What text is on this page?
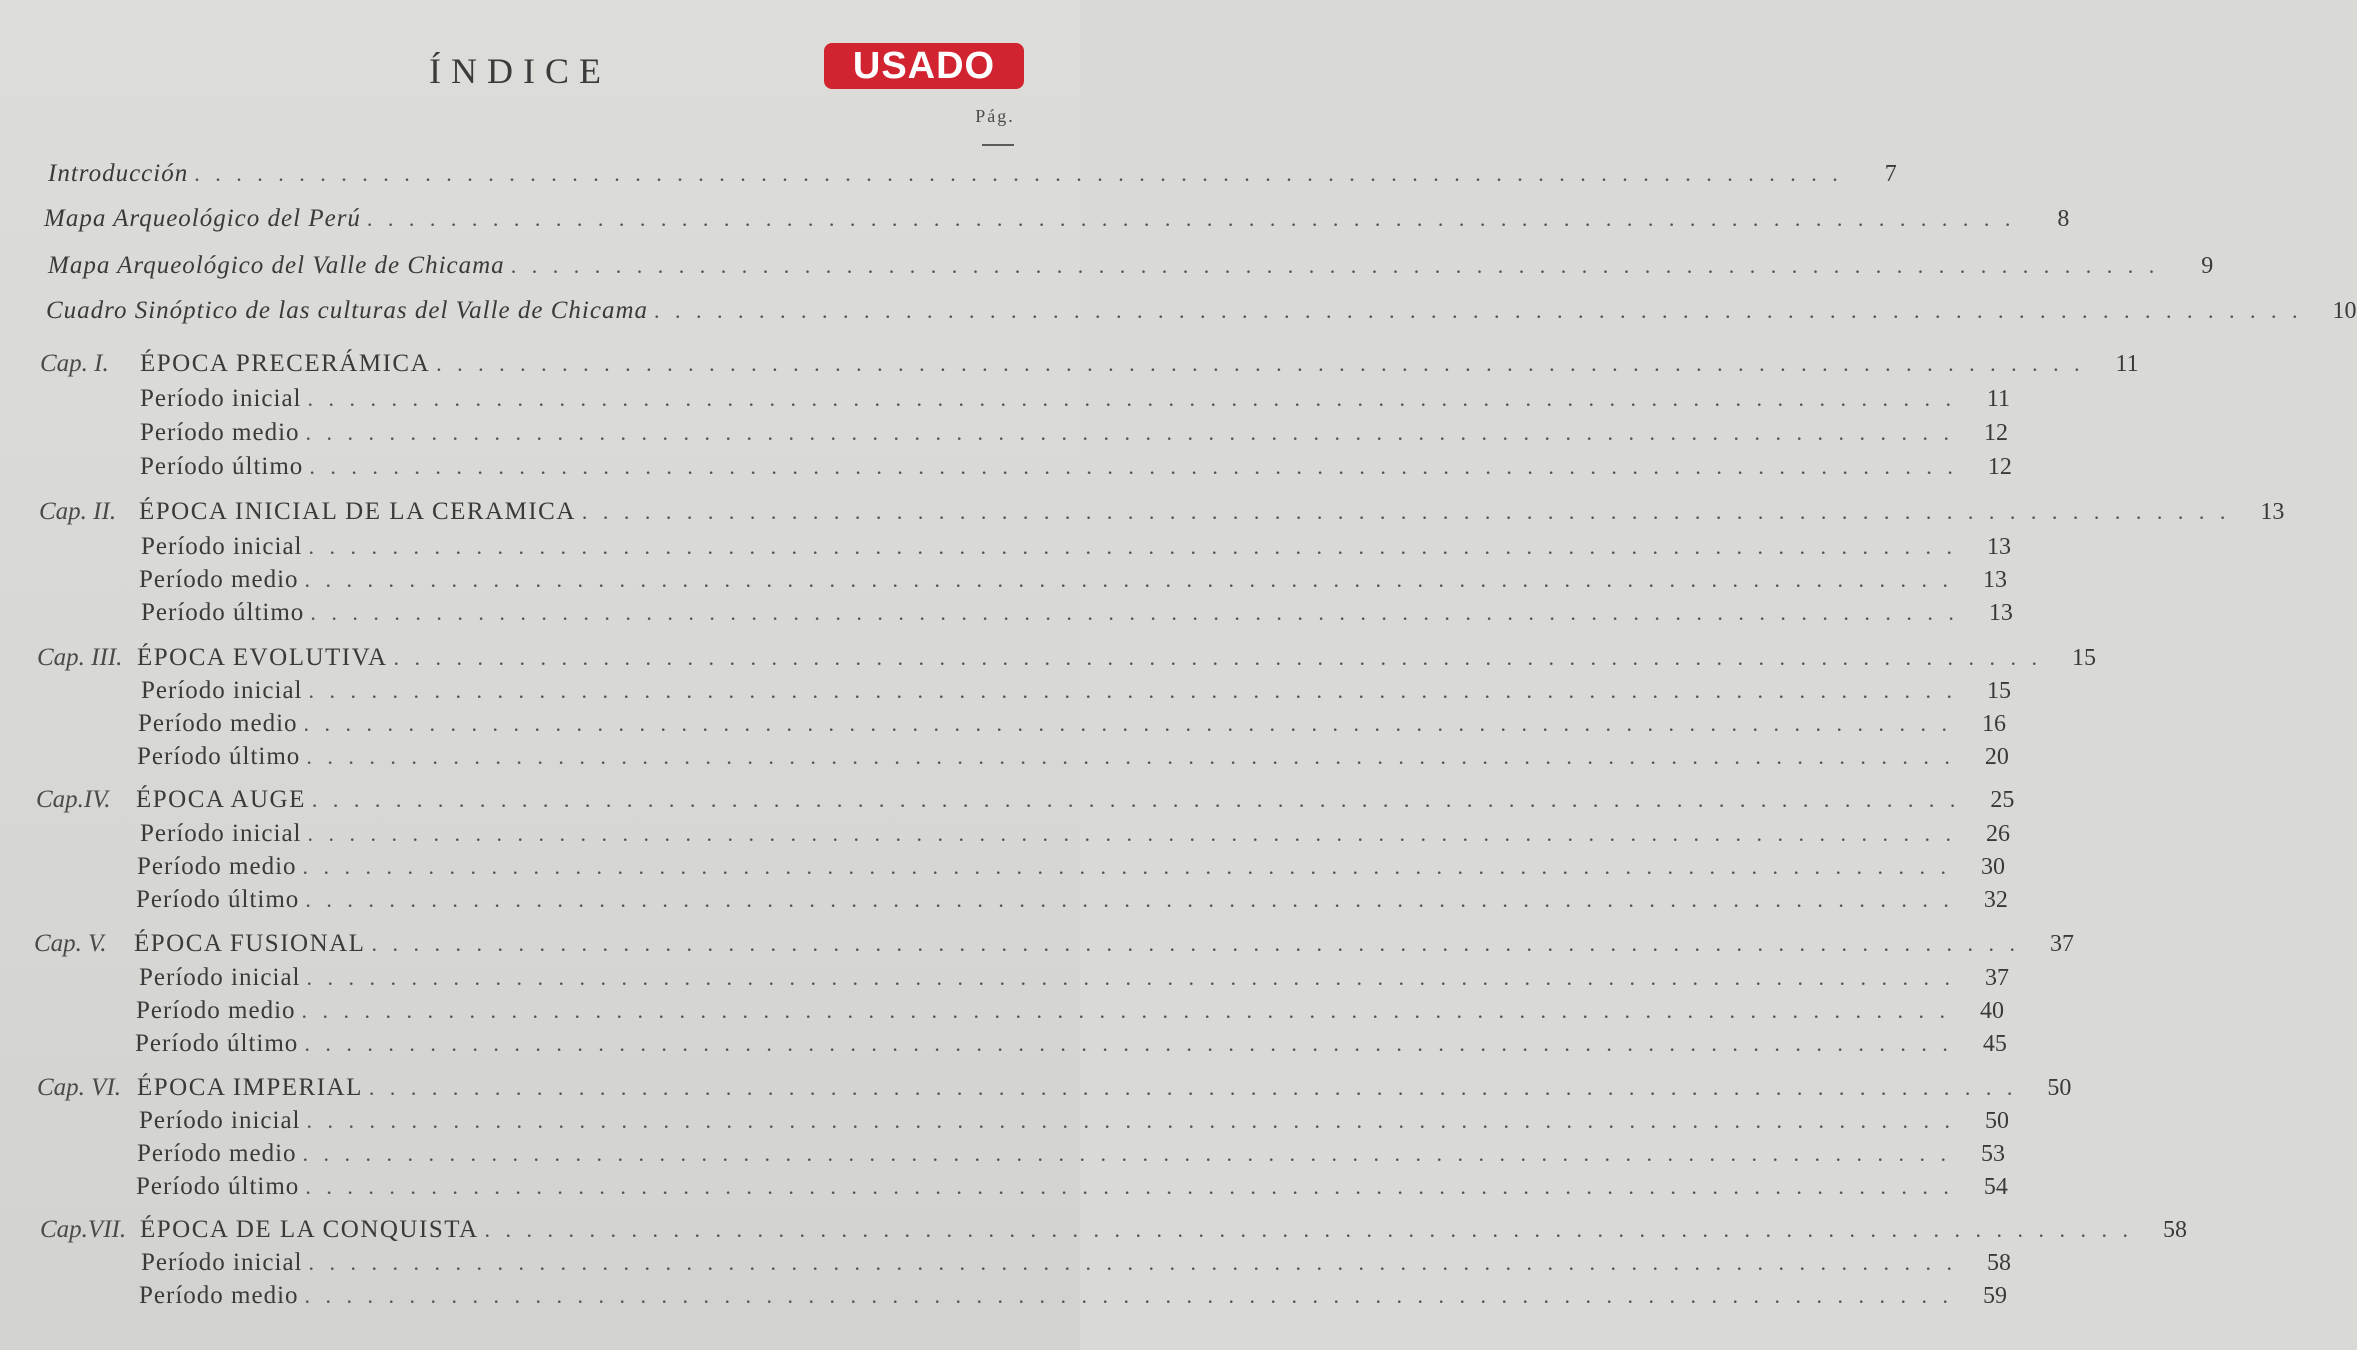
ÍNDICE	USADO
Pág.
Introducción . . . . . . . . . . . . . . . . . . . . . . . . . . . . . . . . . . . . . . . . . . . . . . . . . . . . . . . . . . . . . . . . . . . . . . . . . . . . . . .	7
Mapa Arqueológico del Perú . . . . . . . . . . . . . . . . . . . . . . . . . . . . . . . . . . . . . . . . . . . . . . . . . . . . . . . . . . . . . . . . . . . . . . . . . . . . . . .	8
Mapa Arqueológico del Valle de Chicama . . . . . . . . . . . . . . . . . . . . . . . . . . . . . . . . . . . . . . . . . . . . . . . . . . . . . . . . . . . . . . . . . . . . . . . . . . . . . . .	9
Cuadro Sinóptico de las culturas del Valle de Chicama . . . . . . . . . . . . . . . . . . . . . . . . . . . . . . . . . . . . . . . . . . . . . . . . . . . . . . . . . . . . . . . . . . . . . . . . . . . . . . .	10
Cap. I.	ÉPOCA PRECERÁMICA . . . . . . . . . . . . . . . . . . . . . . . . . . . . . . . . . . . . . . . . . . . . . . . . . . . . . . . . . . . . . . . . . . . . . . . . . . . . . . .	11
Período inicial . . . . . . . . . . . . . . . . . . . . . . . . . . . . . . . . . . . . . . . . . . . . . . . . . . . . . . . . . . . . . . . . . . . . . . . . . . . . . . .	11
Período medio . . . . . . . . . . . . . . . . . . . . . . . . . . . . . . . . . . . . . . . . . . . . . . . . . . . . . . . . . . . . . . . . . . . . . . . . . . . . . . .	12
Período último . . . . . . . . . . . . . . . . . . . . . . . . . . . . . . . . . . . . . . . . . . . . . . . . . . . . . . . . . . . . . . . . . . . . . . . . . . . . . . .	12
Cap. II. ÉPOCA INICIAL DE LA CERAMICA . . . . . . . . . . . . . . . . . . . . . . . . . . . . . . . . . . . . . . . . . . . . . . . . . . . . . . . . . . . . . . . . . . . . . . . . . . . . . . .	13
Período inicial . . . . . . . . . . . . . . . . . . . . . . . . . . . . . . . . . . . . . . . . . . . . . . . . . . . . . . . . . . . . . . . . . . . . . . . . . . . . . . .	13
Período medio . . . . . . . . . . . . . . . . . . . . . . . . . . . . . . . . . . . . . . . . . . . . . . . . . . . . . . . . . . . . . . . . . . . . . . . . . . . . . . .	13
Período último . . . . . . . . . . . . . . . . . . . . . . . . . . . . . . . . . . . . . . . . . . . . . . . . . . . . . . . . . . . . . . . . . . . . . . . . . . . . . . .	13
Cap. III. ÉPOCA EVOLUTIVA . . . . . . . . . . . . . . . . . . . . . . . . . . . . . . . . . . . . . . . . . . . . . . . . . . . . . . . . . . . . . . . . . . . . . . . . . . . . . . .	15
Período inicial . . . . . . . . . . . . . . . . . . . . . . . . . . . . . . . . . . . . . . . . . . . . . . . . . . . . . . . . . . . . . . . . . . . . . . . . . . . . . . .	15
Período medio . . . . . . . . . . . . . . . . . . . . . . . . . . . . . . . . . . . . . . . . . . . . . . . . . . . . . . . . . . . . . . . . . . . . . . . . . . . . . . .	16
Período último . . . . . . . . . . . . . . . . . . . . . . . . . . . . . . . . . . . . . . . . . . . . . . . . . . . . . . . . . . . . . . . . . . . . . . . . . . . . . . .	20
Cap.IV.	ÉPOCA AUGE . . . . . . . . . . . . . . . . . . . . . . . . . . . . . . . . . . . . . . . . . . . . . . . . . . . . . . . . . . . . . . . . . . . . . . . . . . . . . . .	25
Período inicial . . . . . . . . . . . . . . . . . . . . . . . . . . . . . . . . . . . . . . . . . . . . . . . . . . . . . . . . . . . . . . . . . . . . . . . . . . . . . . .	26
Período medio . . . . . . . . . . . . . . . . . . . . . . . . . . . . . . . . . . . . . . . . . . . . . . . . . . . . . . . . . . . . . . . . . . . . . . . . . . . . . . .	30
Período último . . . . . . . . . . . . . . . . . . . . . . . . . . . . . . . . . . . . . . . . . . . . . . . . . . . . . . . . . . . . . . . . . . . . . . . . . . . . . . .	32
Cap. V.	ÉPOCA FUSIONAL . . . . . . . . . . . . . . . . . . . . . . . . . . . . . . . . . . . . . . . . . . . . . . . . . . . . . . . . . . . . . . . . . . . . . . . . . . . . . . .	37
Período inicial . . . . . . . . . . . . . . . . . . . . . . . . . . . . . . . . . . . . . . . . . . . . . . . . . . . . . . . . . . . . . . . . . . . . . . . . . . . . . . .	37
Período medio . . . . . . . . . . . . . . . . . . . . . . . . . . . . . . . . . . . . . . . . . . . . . . . . . . . . . . . . . . . . . . . . . . . . . . . . . . . . . . .	40
Período último . . . . . . . . . . . . . . . . . . . . . . . . . . . . . . . . . . . . . . . . . . . . . . . . . . . . . . . . . . . . . . . . . . . . . . . . . . . . . . .	45
Cap. VI. ÉPOCA IMPERIAL . . . . . . . . . . . . . . . . . . . . . . . . . . . . . . . . . . . . . . . . . . . . . . . . . . . . . . . . . . . . . . . . . . . . . . . . . . . . . . .	50
Período inicial . . . . . . . . . . . . . . . . . . . . . . . . . . . . . . . . . . . . . . . . . . . . . . . . . . . . . . . . . . . . . . . . . . . . . . . . . . . . . . .	50
Período medio . . . . . . . . . . . . . . . . . . . . . . . . . . . . . . . . . . . . . . . . . . . . . . . . . . . . . . . . . . . . . . . . . . . . . . . . . . . . . . .	53
Período último . . . . . . . . . . . . . . . . . . . . . . . . . . . . . . . . . . . . . . . . . . . . . . . . . . . . . . . . . . . . . . . . . . . . . . . . . . . . . . .	54
Cap.VII. ÉPOCA DE LA CONQUISTA . . . . . . . . . . . . . . . . . . . . . . . . . . . . . . . . . . . . . . . . . . . . . . . . . . . . . . . . . . . . . . . . . . . . . . . . . . . . . . .	58
Período inicial . . . . . . . . . . . . . . . . . . . . . . . . . . . . . . . . . . . . . . . . . . . . . . . . . . . . . . . . . . . . . . . . . . . . . . . . . . . . . . .	58
Período medio . . . . . . . . . . . . . . . . . . . . . . . . . . . . . . . . . . . . . . . . . . . . . . . . . . . . . . . . . . . . . . . . . . . . . . . . . . . . . . .	59
